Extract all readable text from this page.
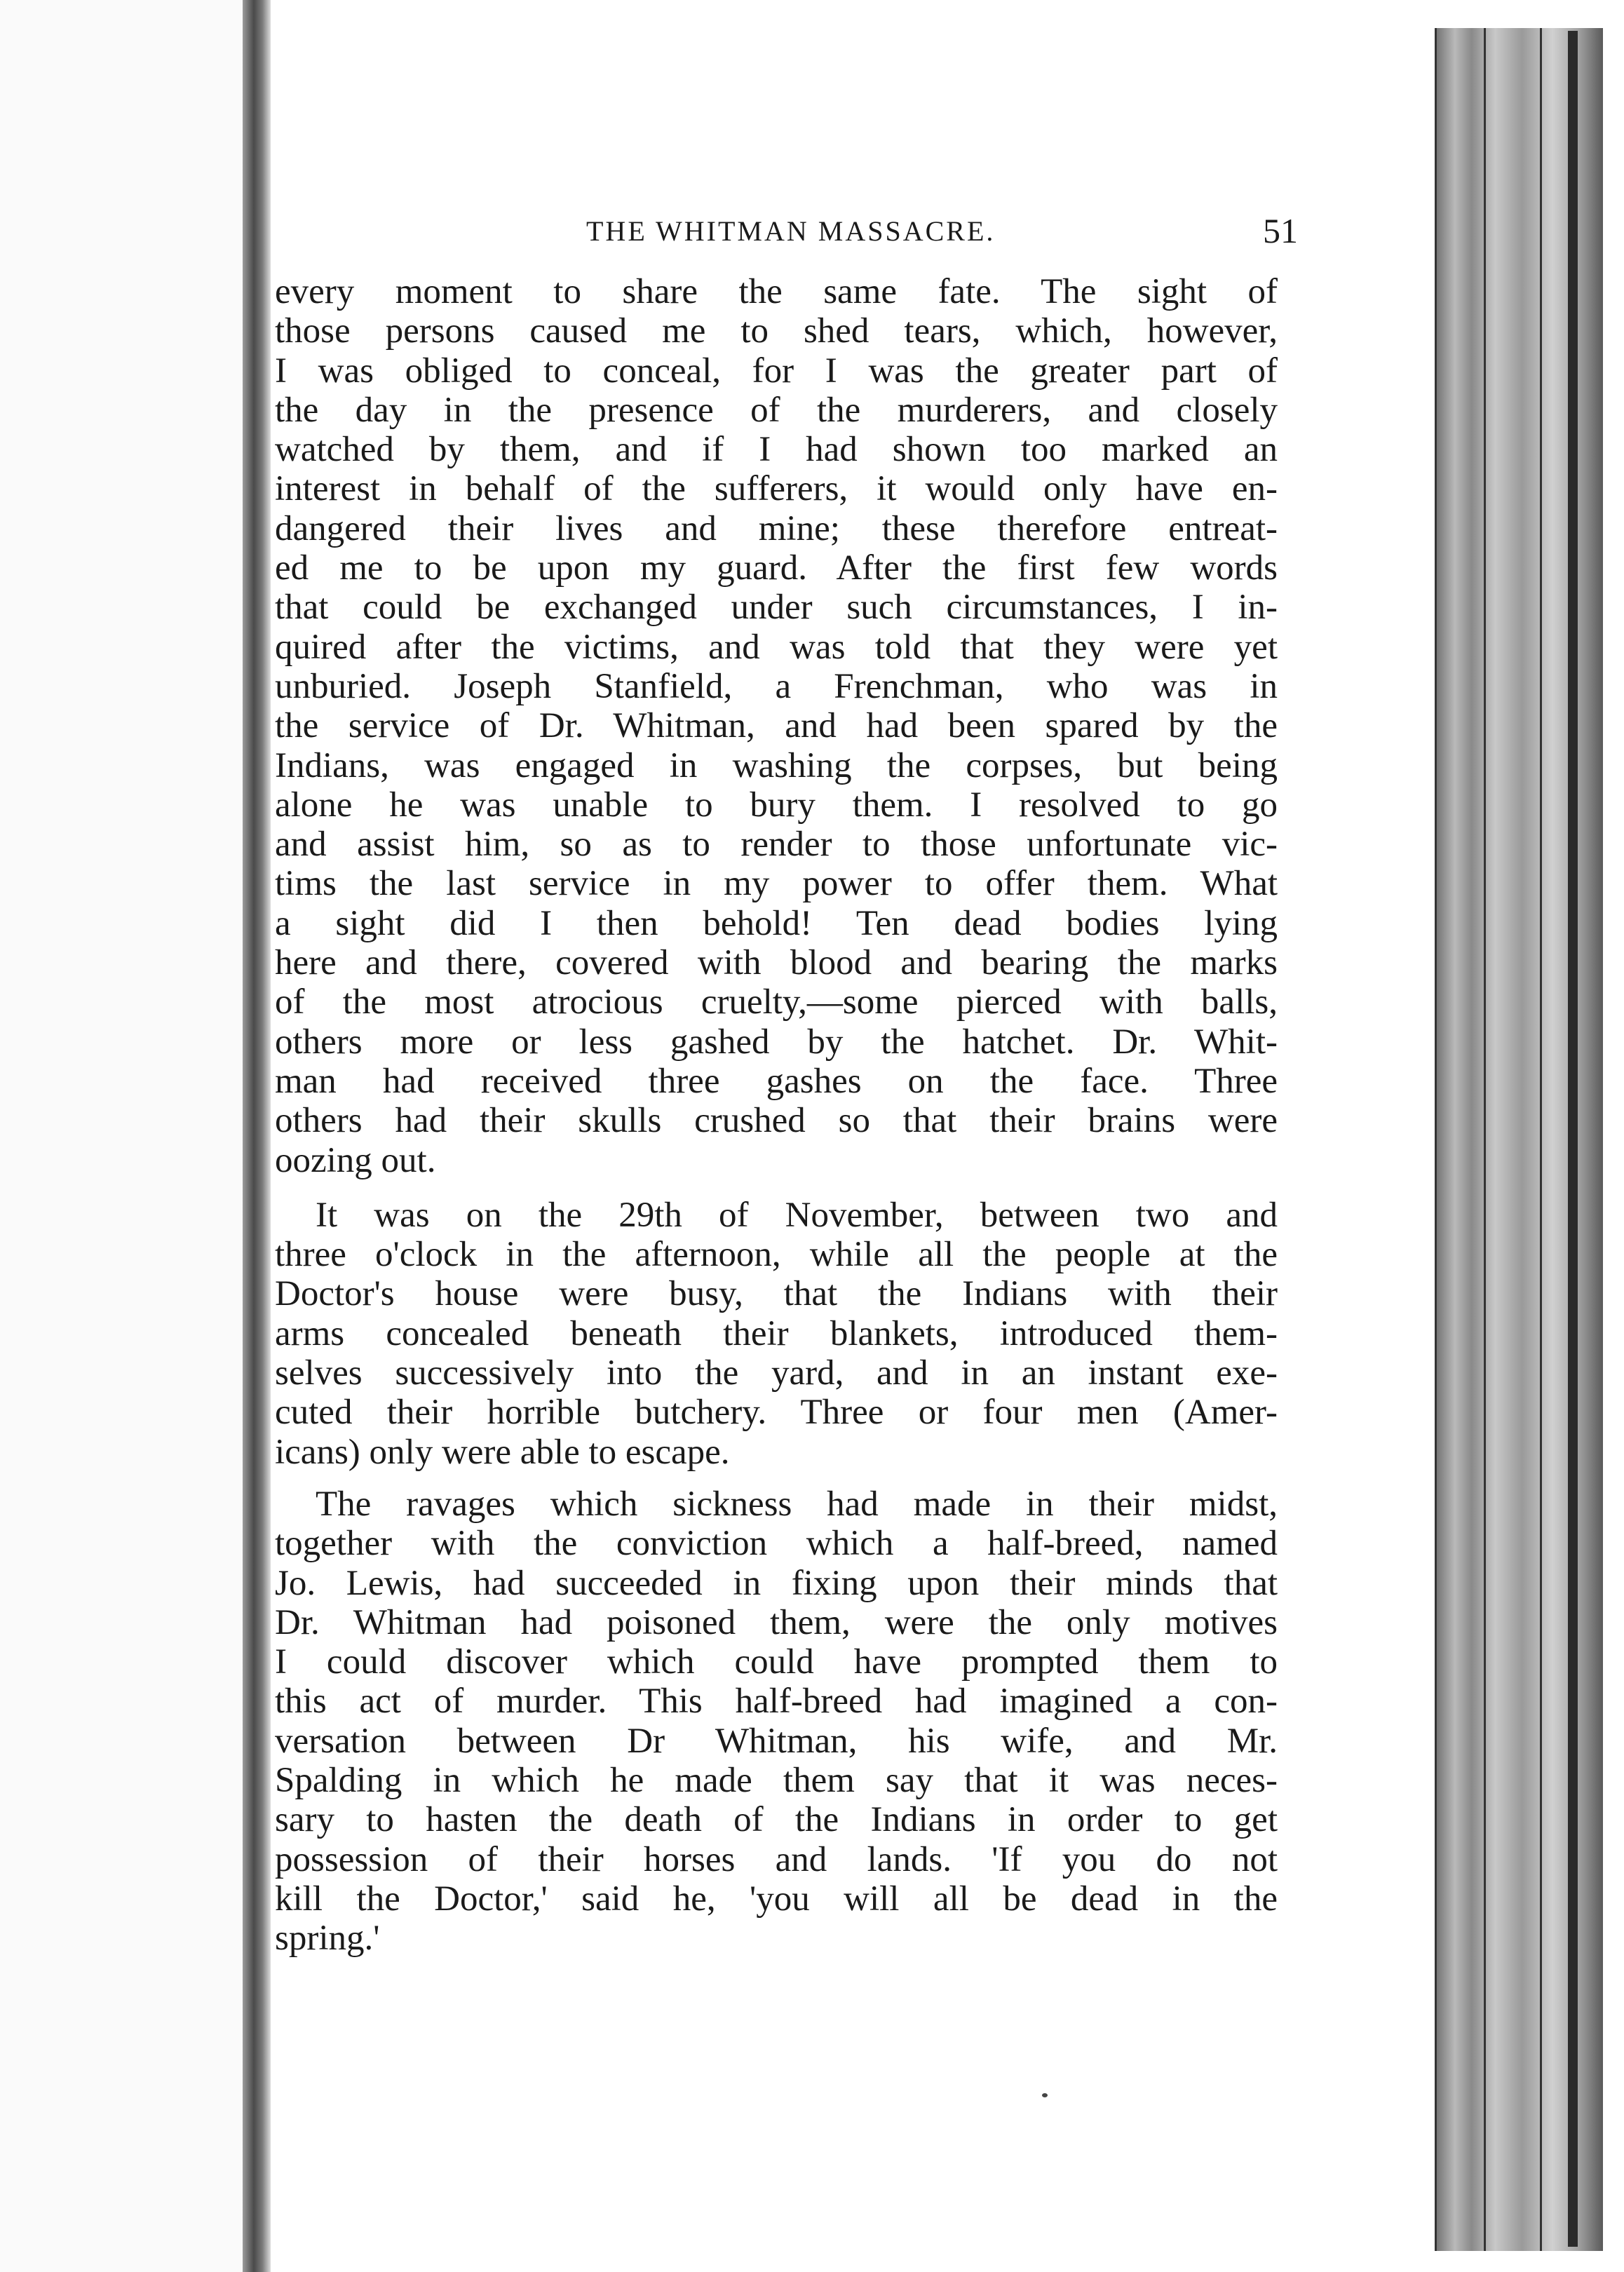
THE WHITMAN MASSACRE.	51
every moment to share the same fate. The sight of
those persons caused me to shed tears, which, however,
I was obliged to conceal, for I was the greater part of
the day in the presence of the murderers, and closely
watched by them, and if I had shown too marked an
interest in behalf of the sufferers, it would only have en-
dangered their lives and mine; these therefore entreat-
ed me to be upon my guard. After the first few words
that could be exchanged under such circumstances, I in-
quired after the victims, and was told that they were yet
unburied. Joseph Stanfield, a Frenchman, who was in
the service of Dr. Whitman, and had been spared by the
Indians, was engaged in washing the corpses, but being
alone he was unable to bury them. I resolved to go
and assist him, so as to render to those unfortunate vic-
tims the last service in my power to offer them. What
a sight did I then behold! Ten dead bodies lying
here and there, covered with blood and bearing the marks
of the most atrocious cruelty,—some pierced with balls,
others more or less gashed by the hatchet. Dr. Whit-
man had received three gashes on the face. Three
others had their skulls crushed so that their brains were
oozing out.
It was on the 29th of November, between two and
three o'clock in the afternoon, while all the people at the
Doctor's house were busy, that the Indians with their
arms concealed beneath their blankets, introduced them-
selves successively into the yard, and in an instant exe-
cuted their horrible butchery. Three or four men (Amer-
icans) only were able to escape.
The ravages which sickness had made in their midst,
together with the conviction which a half-breed, named
Jo. Lewis, had succeeded in fixing upon their minds that
Dr. Whitman had poisoned them, were the only motives
I could discover which could have prompted them to
this act of murder. This half-breed had imagined a con-
versation between Dr Whitman, his wife, and Mr.
Spalding in which he made them say that it was neces-
sary to hasten the death of the Indians in order to get
possession of their horses and lands. 'If you do not
kill the Doctor,' said he, 'you will all be dead in the
spring.'
